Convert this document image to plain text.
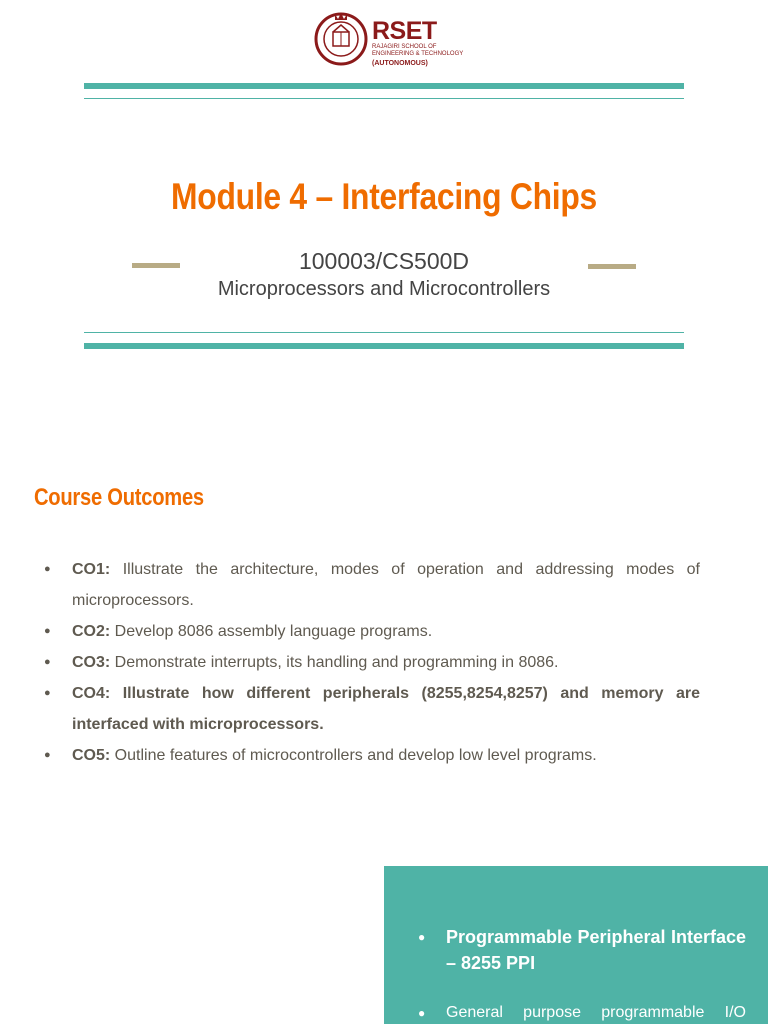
RSET
RAJAGIRI SCHOOL OF ENGINEERING & TECHNOLOGY
(AUTONOMOUS)
Module 4 – Interfacing Chips
100003/CS500D
Microprocessors and Microcontrollers
Course Outcomes
● CO1: Illustrate the architecture, modes of operation and addressing modes of microprocessors.
● CO2: Develop 8086 assembly language programs.
● CO3: Demonstrate interrupts, its handling and programming in 8086.
● CO4: Illustrate how different peripherals (8255,8254,8257) and memory are interfaced with microprocessors.
● CO5: Outline features of microcontrollers and develop low level programs.
● Programmable Peripheral Interface – 8255 PPI
● General purpose programmable I/O
